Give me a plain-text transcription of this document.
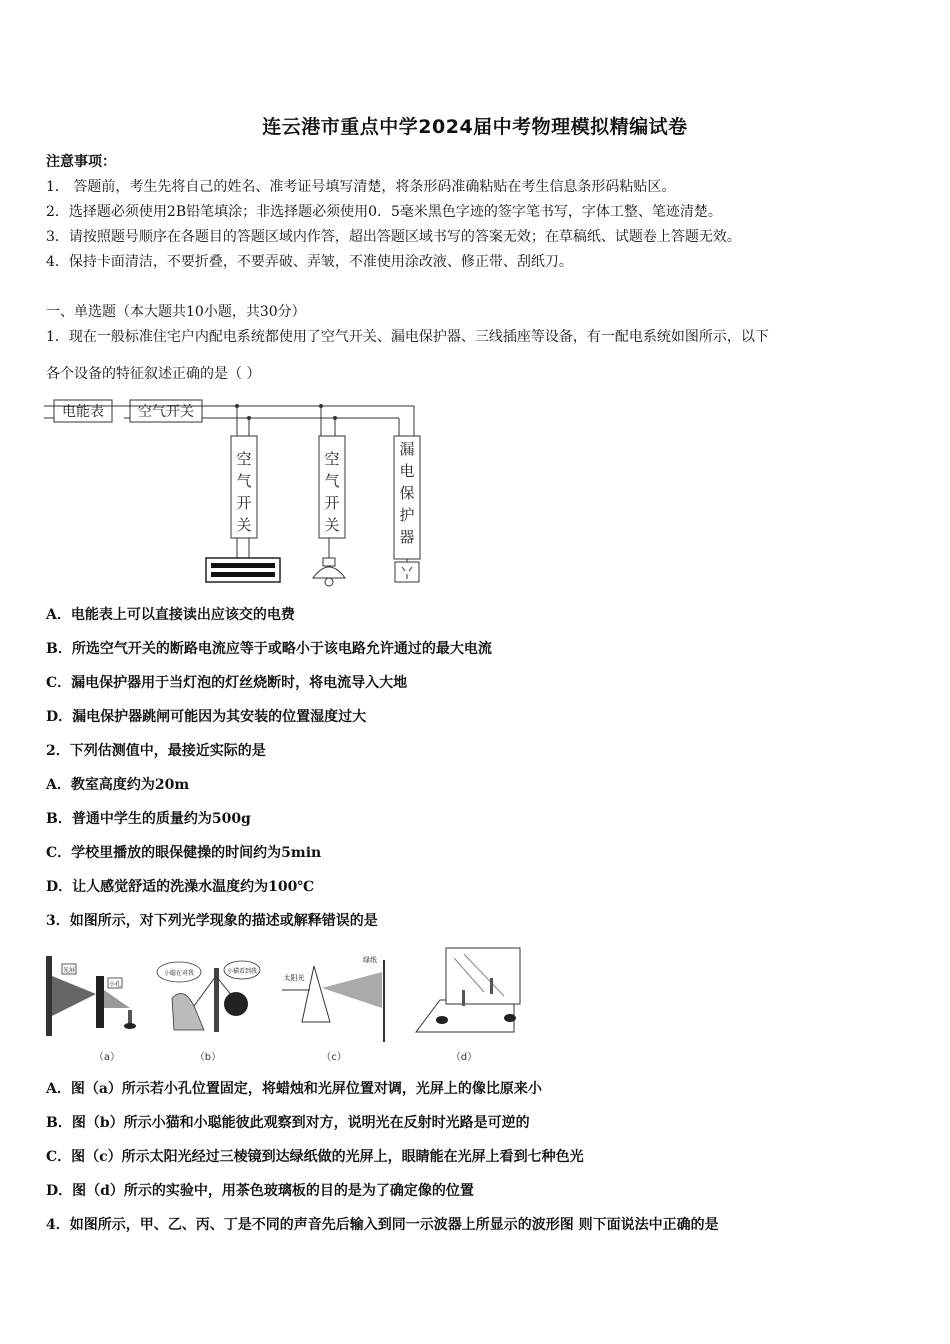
连云港市重点中学2024届中考物理模拟精编试卷
注意事项：
1． 答题前，考生先将自己的姓名、准考证号填写清楚，将条形码准确粘贴在考生信息条形码粘贴区。
2．选择题必须使用2B铅笔填涂；非选择题必须使用0．5毫米黑色字迹的签字笔书写，字体工整、笔迹清楚。
3．请按照题号顺序在各题目的答题区域内作答，超出答题区域书写的答案无效；在草稿纸、试题卷上答题无效。
4．保持卡面清洁，不要折叠，不要弄破、弄皱，不准使用涂改液、修正带、刮纸刀。
一、单选题（本大题共10小题，共30分）
1．现在一般标准住宅户内配电系统都使用了空气开关、漏电保护器、三线插座等设备，有一配电系统如图所示，以下
各个设备的特征叙述正确的是（ ）
电能表 空气开关
空
气
开
关
空
气
开
关
漏
电
保
护
器
A．电能表上可以直接读出应该交的电费
B．所选空气开关的断路电流应等于或略小于该电路允许通过的最大电流
C．漏电保护器用于当灯泡的灯丝烧断时，将电流导入大地
D．漏电保护器跳闸可能因为其安装的位置湿度过大
2．下列估测值中，最接近实际的是
A．教室高度约为20m
B．普通中学生的质量约为500g
C．学校里播放的眼保健操的时间约为5min
D．让人感觉舒适的洗澡水温度约为100℃
3．如图所示，对下列光学现象的描述或解释错误的是
光屏
小孔
小聪在对我	小猫看到我
太阳光
绿纸
（a）	（b）	（c）	（d）
A．图（a）所示若小孔位置固定，将蜡烛和光屏位置对调，光屏上的像比原来小
B．图（b）所示小猫和小聪能彼此观察到对方，说明光在反射时光路是可逆的
C．图（c）所示太阳光经过三棱镜到达绿纸做的光屏上，眼睛能在光屏上看到七种色光
D．图（d）所示的实验中，用茶色玻璃板的目的是为了确定像的位置
4．如图所示，甲、乙、丙、丁是不同的声音先后输入到同一示波器上所显示的波形图 则下面说法中正确的是
